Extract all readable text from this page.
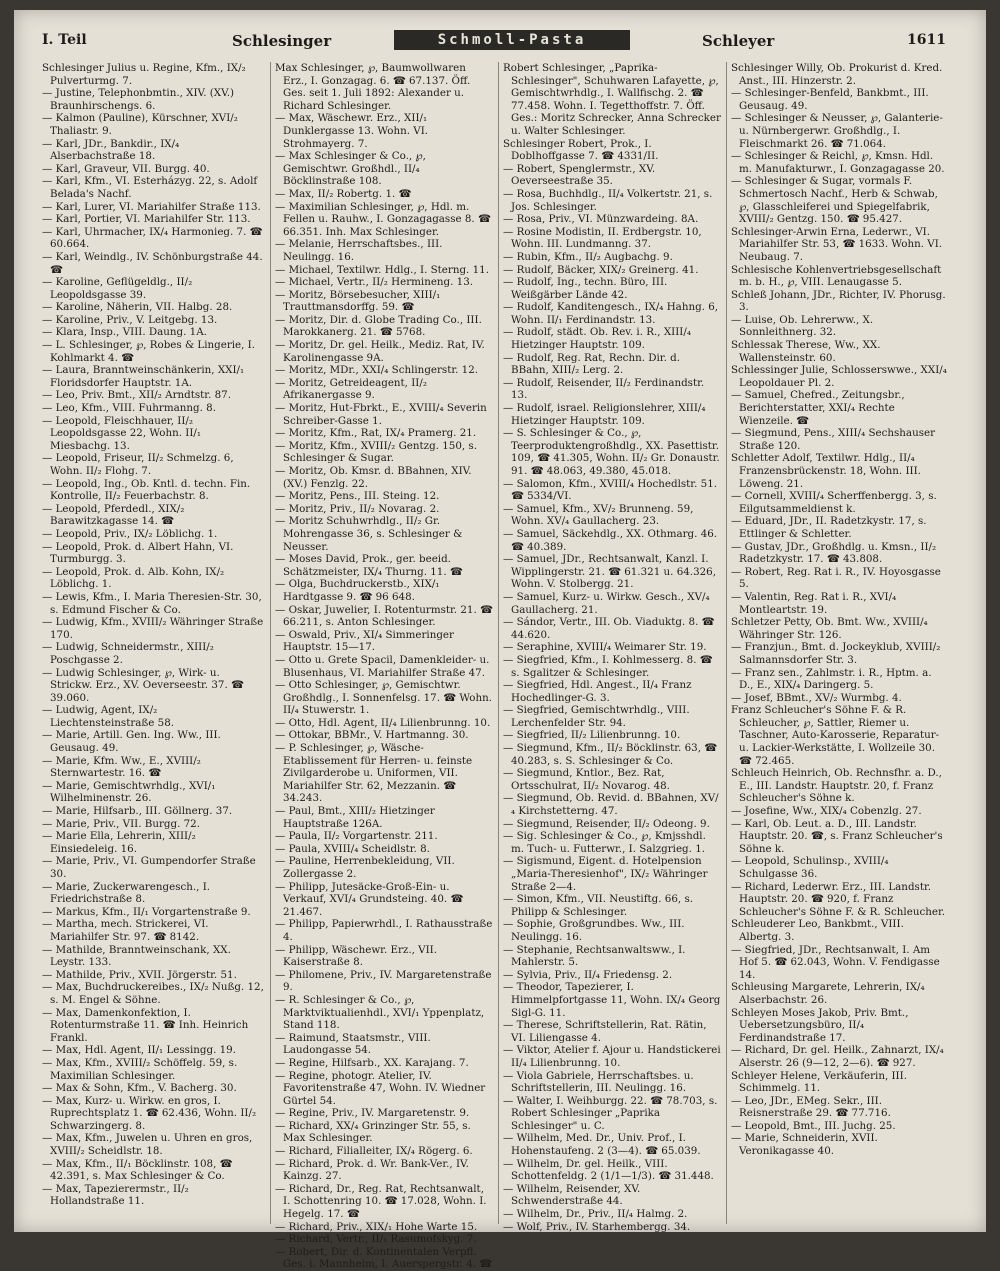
I. Teil	Schlesinger	Schmoll-Pasta	Schleyer	1611

Schlesinger Julius u. Regine, Kfm., IX/₂ Pulverturmg. 7.

— Justine, Telephonbmtin., XIV. (XV.) Braunhirschengs. 6.

— Kalmon (Pauline), Kürschner, XVI/₂ Thaliastr. 9.

— Karl, JDr., Bankdir., IX/₄ Alserbachstraße 18.

— Karl, Graveur, VII. Burgg. 40.

— Karl, Kfm., VI. Esterházyg. 22, s. Adolf Belada's Nachf.

— Karl, Lurer, VI. Mariahilfer Straße 113.

— Karl, Portier, VI. Mariahilfer Str. 113.

— Karl, Uhrmacher, IX/₄ Harmonieg. 7. ☎ 60.664.

— Karl, Weindlg., IV. Schönburgstraße 44. ☎

— Karoline, Geflügeldlg., II/₂ Leopoldsgasse 39.

— Karoline, Näherin, VII. Halbg. 28.

— Karoline, Priv., V. Leitgebg. 13.

— Klara, Insp., VIII. Daung. 1A.

— L. Schlesinger, ℘, Robes & Lingerie, I. Kohlmarkt 4. ☎

— Laura, Branntweinschänkerin, XXI/₁ Floridsdorfer Hauptstr. 1A.

— Leo, Priv. Bmt., XII/₂ Arndtstr. 87.

— Leo, Kfm., VIII. Fuhrmanng. 8.

— Leopold, Fleischhauer, II/₂ Leopoldsgasse 22, Wohn. II/₁ Miesbachg. 13.

— Leopold, Friseur, II/₂ Schmelzg. 6, Wohn. II/₂ Flohg. 7.

— Leopold, Ing., Ob. Kntl. d. techn. Fin. Kontrolle, II/₂ Feuerbachstr. 8.

— Leopold, Pferdedl., XIX/₂ Barawitzkagasse 14. ☎

— Leopold, Priv., IX/₂ Löblichg. 1.

— Leopold, Prok. d. Albert Hahn, VI. Turmburgg. 3.

— Leopold, Prok. d. Alb. Kohn, IX/₂ Löblichg. 1.

— Lewis, Kfm., I. Maria Theresien-Str. 30, s. Edmund Fischer & Co.

— Ludwig, Kfm., XVIII/₂ Währinger Straße 170.

— Ludwig, Schneidermstr., XIII/₂ Poschgasse 2.

— Ludwig Schlesinger, ℘, Wirk- u. Strickw. Erz., XV. Oeverseestr. 37. ☎ 39.060.

— Ludwig, Agent, IX/₂ Liechtensteinstraße 58.

— Marie, Artill. Gen. Ing. Ww., III. Geusaug. 49.

— Marie, Kfm. Ww., E., XVIII/₂ Sternwartestr. 16. ☎

— Marie, Gemischtwrhdlg., XVI/₁ Wilhelminenstr. 26.

— Marie, Hilfsarb., III. Göllnerg. 37.

— Marie, Priv., VII. Burgg. 72.

— Marie Ella, Lehrerin, XIII/₂ Einsiedeleig. 16.

— Marie, Priv., VI. Gumpendorfer Straße 30.

— Marie, Zuckerwarengesch., I. Friedrichstraße 8.

— Markus, Kfm., II/₁ Vorgartenstraße 9.

— Martha, mech. Strickerei, VI. Mariahilfer Str. 97. ☎ 8142.

— Mathilde, Branntweinschank, XX. Leystr. 133.

— Mathilde, Priv., XVII. Jörgerstr. 51.

— Max, Buchdruckereibes., IX/₂ Nußg. 12, s. M. Engel & Söhne.

— Max, Damenkonfektion, I. Rotenturmstraße 11. ☎ Inh. Heinrich Frankl.

— Max, Hdl. Agent, II/₁ Lessingg. 19.

— Max, Kfm., XVIII/₂ Schöffelg. 59, s. Maximilian Schlesinger.

— Max & Sohn, Kfm., V. Bacherg. 30.

— Max, Kurz- u. Wirkw. en gros, I. Ruprechtsplatz 1. ☎ 62.436, Wohn. II/₂ Schwarzingerg. 8.

— Max, Kfm., Juwelen u. Uhren en gros, XVIII/₂ Scheidlstr. 18.

— Max, Kfm., II/₁ Böcklinstr. 108, ☎ 42.391, s. Max Schlesinger & Co.

— Max, Tapezierermstr., II/₂ Hollandstraße 11.

Max Schlesinger, ℘, Baumwollwaren Erz., I. Gonzagag. 6. ☎ 67.137. Öff. Ges. seit 1. Juli 1892: Alexander u. Richard Schlesinger.

— Max, Wäschewr. Erz., XII/₁ Dunklergasse 13. Wohn. VI. Strohmayerg. 7.

— Max Schlesinger & Co., ℘, Gemischtwr. Großhdl., II/₄ Böcklinstraße 108.

— Max, II/₂ Robertg. 1. ☎

— Maximilian Schlesinger, ℘, Hdl. m. Fellen u. Rauhw., I. Gonzagagasse 8. ☎ 66.351. Inh. Max Schlesinger.

— Melanie, Herrschaftsbes., III. Neulingg. 16.

— Michael, Textilwr. Hdlg., I. Sterng. 11.

— Michael, Vertr., II/₂ Hermineng. 13.

— Moritz, Börsebesucher, XIII/₁ Trauttmansdorffg. 59. ☎

— Moritz, Dir. d. Globe Trading Co., III. Marokkanerg. 21. ☎ 5768.

— Moritz, Dr. gel. Heilk., Mediz. Rat, IV. Karolinengasse 9A.

— Moritz, MDr., XXI/₄ Schlingerstr. 12.

— Moritz, Getreideagent, II/₂ Afrikanergasse 9.

— Moritz, Hut-Fbrkt., E., XVIII/₄ Severin Schreiber-Gasse 1.

— Moritz, Kfm., Rat, IX/₄ Pramerg. 21.

— Moritz, Kfm., XVIII/₂ Gentzg. 150, s. Schlesinger & Sugar.

— Moritz, Ob. Kmsr. d. BBahnen, XIV. (XV.) Fenzlg. 22.

— Moritz, Pens., III. Steing. 12.

— Moritz, Priv., II/₂ Novarag. 2.

— Moritz Schuhwrhdlg., II/₂ Gr. Mohrengasse 36, s. Schlesinger & Neusser.

— Moses David, Prok., ger. beeid. Schätzmeister, IX/₄ Thurng. 11. ☎

— Olga, Buchdruckerstb., XIX/₁ Hardtgasse 9. ☎ 96 648.

— Oskar, Juwelier, I. Rotenturmstr. 21. ☎ 66.211, s. Anton Schlesinger.

— Oswald, Priv., XI/₄ Simmeringer Hauptstr. 15—17.

— Otto u. Grete Spacil, Damenkleider- u. Blusenhaus, VI. Mariahilfer Straße 47.

— Otto Schlesinger, ℘, Gemischtwr. Großhdlg., I. Sonnenfelsg. 17. ☎ Wohn. II/₄ Stuwerstr. 1.

— Otto, Hdl. Agent, II/₄ Lilienbrunng. 10.

— Ottokar, BBMr., V. Hartmanng. 30.

— P. Schlesinger, ℘, Wäsche-Etablissement für Herren- u. feinste Zivilgarderobe u. Uniformen, VII. Mariahilfer Str. 62, Mezzanin. ☎ 34.243.

— Paul, Bmt., XIII/₂ Hietzinger Hauptstraße 126A.

— Paula, II/₂ Vorgartenstr. 211.

— Paula, XVIII/₄ Scheidlstr. 8.

— Pauline, Herrenbekleidung, VII. Zollergasse 2.

— Philipp, Jutesäcke-Groß-Ein- u. Verkauf, XVI/₄ Grundsteing. 40. ☎ 21.467.

— Philipp, Papierwrhdl., I. Rathausstraße 4.

— Philipp, Wäschewr. Erz., VII. Kaiserstraße 8.

— Philomene, Priv., IV. Margaretenstraße 9.

— R. Schlesinger & Co., ℘, Marktviktualienhdl., XVI/₁ Yppenplatz, Stand 118.

— Raimund, Staatsmstr., VIII. Laudongasse 54.

— Regine, Hilfsarb., XX. Karajang. 7.

— Regine, photogr. Atelier, IV. Favoritenstraße 47, Wohn. IV. Wiedner Gürtel 54.

— Regine, Priv., IV. Margaretenstr. 9.

— Richard, XX/₄ Grinzinger Str. 55, s. Max Schlesinger.

— Richard, Filialleiter, IX/₄ Rögerg. 6.

— Richard, Prok. d. Wr. Bank-Ver., IV. Kainzg. 27.

— Richard, Dr., Reg. Rat, Rechtsanwalt, I. Schottenring 10. ☎ 17.028, Wohn. I. Hegelg. 17. ☎

— Richard, Priv., XIX/₁ Hohe Warte 15.

— Richard, Vertr., II/₁ Rasumofskyg. 7.

— Robert, Dir. d. Kontinentalen Verpfl. Ges. i. Mannheim, I. Auerspergstr. 4. ☎

Robert Schlesinger, „Paprika-Schlesinger", Schuhwaren Lafayette, ℘, Gemischtwrhdlg., I. Wallfischg. 2. ☎ 77.458. Wohn. I. Tegetthoffstr. 7. Öff. Ges.: Moritz Schrecker, Anna Schrecker u. Walter Schlesinger.

Schlesinger Robert, Prok., I. Doblhoffgasse 7. ☎ 4331/II.

— Robert, Spenglermstr., XV. Oeverseestraße 35.

— Rosa, Buchhdlg., II/₄ Volkertstr. 21, s. Jos. Schlesinger.

— Rosa, Priv., VI. Münzwardeing. 8A.

— Rosine Modistin, II. Erdbergstr. 10, Wohn. III. Lundmanng. 37.

— Rubin, Kfm., II/₂ Augbachg. 9.

— Rudolf, Bäcker, XIX/₂ Greinerg. 41.

— Rudolf, Ing., techn. Büro, III. Weißgärber Lände 42.

— Rudolf, Kanditengesch., IX/₄ Hahng. 6, Wohn. II/₁ Ferdinandstr. 13.

— Rudolf, städt. Ob. Rev. i. R., XIII/₄ Hietzinger Hauptstr. 109.

— Rudolf, Reg. Rat, Rechn. Dir. d. BBahn, XIII/₂ Lerg. 2.

— Rudolf, Reisender, II/₂ Ferdinandstr. 13.

— Rudolf, israel. Religionslehrer, XIII/₄ Hietzinger Hauptstr. 109.

— S. Schlesinger & Co., ℘, Teerproduktengroßhdlg., XX. Pasettistr. 109, ☎ 41.305, Wohn. II/₂ Gr. Donaustr. 91. ☎ 48.063, 49.380, 45.018.

— Salomon, Kfm., XVIII/₄ Hochedlstr. 51. ☎ 5334/VI.

— Samuel, Kfm., XV/₂ Brunneng. 59, Wohn. XV/₄ Gaullacherg. 23.

— Samuel, Säckehdlg., XX. Othmarg. 46. ☎ 40.389.

— Samuel, JDr., Rechtsanwalt, Kanzl. I. Wipplingerstr. 21. ☎ 61.321 u. 64.326, Wohn. V. Stolbergg. 21.

— Samuel, Kurz- u. Wirkw. Gesch., XV/₄ Gaullacherg. 21.

— Sándor, Vertr., III. Ob. Viaduktg. 8. ☎ 44.620.

— Seraphine, XVIII/₄ Weimarer Str. 19.

— Siegfried, Kfm., I. Kohlmesserg. 8. ☎ s. Sgalitzer & Schlesinger.

— Siegfried, Hdl. Angest., II/₄ Franz Hochedlinger-G. 3.

— Siegfried, Gemischtwrhdlg., VIII. Lerchenfelder Str. 94.

— Siegfried, II/₂ Lilienbrunng. 10.

— Siegmund, Kfm., II/₂ Böcklinstr. 63, ☎ 40.283, s. S. Schlesinger & Co.

— Siegmund, Kntlor., Bez. Rat, Ortsschulrat, II/₂ Novarog. 48.

— Siegmund, Ob. Revid. d. BBahnen, XV/₄ Kirchstetterng. 47.

— Siegmund, Reisender, II/₂ Odeong. 9.

— Sig. Schlesinger & Co., ℘, Kmjsshdl. m. Tuch- u. Futterwr., I. Salzgrieg. 1.

— Sigismund, Eigent. d. Hotelpension „Maria-Theresienhof", IX/₂ Währinger Straße 2—4.

— Simon, Kfm., VII. Neustiftg. 66, s. Philipp & Schlesinger.

— Sophie, Großgrundbes. Ww., III. Neulingg. 16.

— Stephanie, Rechtsanwaltsww., I. Mahlerstr. 5.

— Sylvia, Priv., II/₄ Friedensg. 2.

— Theodor, Tapezierer, I. Himmelpfortgasse 11, Wohn. IX/₄ Georg Sigl-G. 11.

— Therese, Schriftstellerin, Rat. Rätin, VI. Liliengasse 4.

— Viktor, Atelier f. Ajour u. Handstickerei II/₄ Lilienbrunng. 10.

— Viola Gabriele, Herrschaftsbes. u. Schriftstellerin, III. Neulingg. 16.

— Walter, I. Weihburgg. 22. ☎ 78.703, s. Robert Schlesinger „Paprika Schlesinger" u. C.

— Wilhelm, Med. Dr., Univ. Prof., I. Hohenstaufeng. 2 (3—4). ☎ 65.039.

— Wilhelm, Dr. gel. Heilk., VIII. Schottenfeldg. 2 (1/1—1/3). ☎ 31.448.

— Wilhelm, Reisender, XV. Schwenderstraße 44.

— Wilhelm, Dr., Priv., II/₄ Halmg. 2.

— Wolf, Priv., IV. Starhembergg. 34.

Schlesinger Willy, Ob. Prokurist d. Kred. Anst., III. Hinzerstr. 2.

— Schlesinger-Benfeld, Bankbmt., III. Geusaug. 49.

— Schlesinger & Neusser, ℘, Galanterie- u. Nürnbergerwr. Großhdlg., I. Fleischmarkt 26. ☎ 71.064.

— Schlesinger & Reichl, ℘, Kmsn. Hdl. m. Manufakturwr., I. Gonzagagasse 20.

— Schlesinger & Sugar, vormals F. Schmertosch Nachf., Herb & Schwab, ℘, Glasschleiferei und Spiegelfabrik, XVIII/₂ Gentzg. 150. ☎ 95.427.

Schlesinger-Arwin Erna, Lederwr., VI. Mariahilfer Str. 53, ☎ 1633. Wohn. VI. Neubaug. 7.

Schlesische Kohlenvertriebsgesellschaft m. b. H., ℘, VIII. Lenaugasse 5.

Schleß Johann, JDr., Richter, IV. Phorusg. 3.

— Luise, Ob. Lehrerww., X. Sonnleithnerg. 32.

Schlessak Therese, Ww., XX. Wallensteinstr. 60.

Schlessinger Julie, Schlosserswwe., XXI/₄ Leopoldauer Pl. 2.

— Samuel, Chefred., Zeitungsbr., Berichterstatter, XXI/₄ Rechte Wienzeile. ☎

— Siegmund, Pens., XIII/₄ Sechshauser Straße 120.

Schletter Adolf, Textilwr. Hdlg., II/₄ Franzensbrückenstr. 18, Wohn. III. Löweng. 21.

— Cornell, XVIII/₄ Scherffenbergg. 3, s. Eilgutsammeldienst k.

— Eduard, JDr., II. Radetzkystr. 17, s. Ettlinger & Schletter.

— Gustav, JDr., Großhdlg. u. Kmsn., II/₂ Radetzkystr. 17. ☎ 43.808.

— Robert, Reg. Rat i. R., IV. Hoyosgasse 5.

— Valentin, Reg. Rat i. R., XVI/₄ Montleartstr. 19.

Schletzer Petty, Ob. Bmt. Ww., XVIII/₄ Währinger Str. 126.

— Franzjun., Bmt. d. Jockeyklub, XVIII/₂ Salmannsdorfer Str. 3.

— Franz sen., Zahlmstr. i. R., Hptm. a. D., E., XIX/₄ Daringerg. 5.

— Josef, BBmt., XV/₂ Wurmbg. 4.

Franz Schleucher's Söhne F. & R. Schleucher, ℘, Sattler, Riemer u. Taschner, Auto-Karosserie, Reparatur- u. Lackier-Werkstätte, I. Wollzeile 30. ☎ 72.465.

Schleuch Heinrich, Ob. Rechnsfhr. a. D., E., III. Landstr. Hauptstr. 20, f. Franz Schleucher's Söhne k.

— Josefine, Ww., XIX/₄ Cobenzlg. 27.

— Karl, Ob. Leut. a. D., III. Landstr. Hauptstr. 20. ☎, s. Franz Schleucher's Söhne k.

— Leopold, Schulinsp., XVIII/₄ Schulgasse 36.

— Richard, Lederwr. Erz., III. Landstr. Hauptstr. 20. ☎ 920, f. Franz Schleucher's Söhne F. & R. Schleucher.

Schleuderer Leo, Bankbmt., VIII. Albertg. 3.

— Siegfried, JDr., Rechtsanwalt, I. Am Hof 5. ☎ 62.043, Wohn. V. Fendigasse 14.

Schleusing Margarete, Lehrerin, IX/₄ Alserbachstr. 26.

Schleyen Moses Jakob, Priv. Bmt., Uebersetzungsbüro, II/₄ Ferdinandstraße 17.

— Richard, Dr. gel. Heilk., Zahnarzt, IX/₄ Alserstr. 26 (9—12, 2—6). ☎ 927.

Schleyer Helene, Verkäuferin, III. Schimmelg. 11.

— Leo, JDr., EMeg. Sekr., III. Reisnerstraße 29. ☎ 77.716.

— Leopold, Bmt., III. Juchg. 25.

— Marie, Schneiderin, XVII. Veronikagasse 40.
